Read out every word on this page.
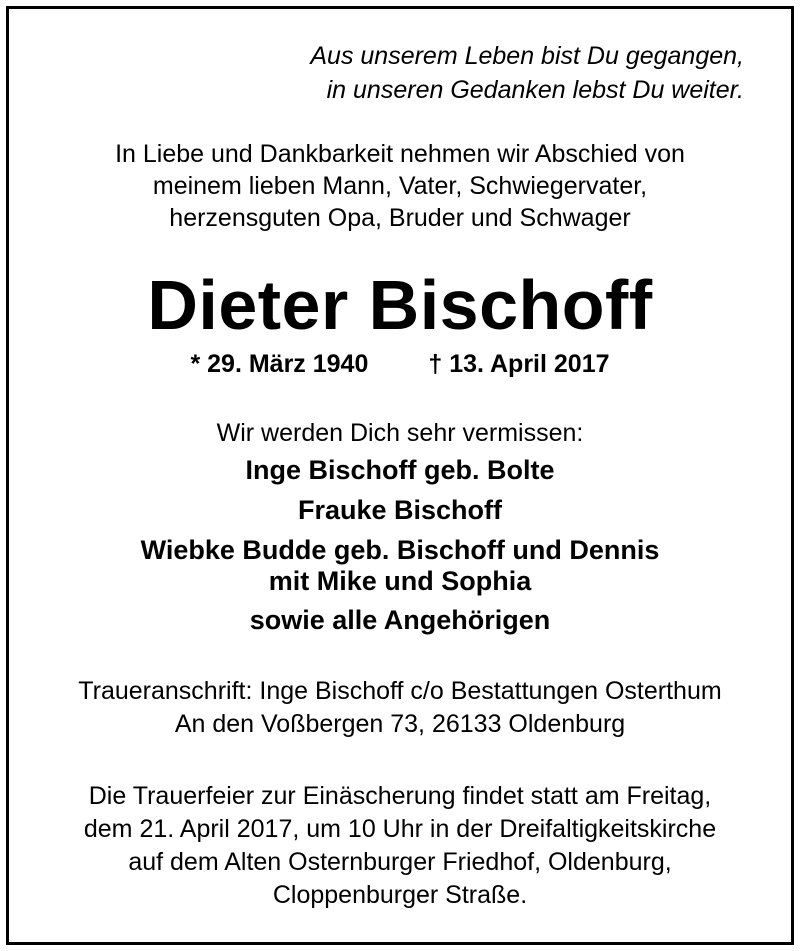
Aus unserem Leben bist Du gegangen,
in unseren Gedanken lebst Du weiter.
In Liebe und Dankbarkeit nehmen wir Abschied von
meinem lieben Mann, Vater, Schwiegervater,
herzensguten Opa, Bruder und Schwager
Dieter Bischoff
* 29. März 1940 † 13. April 2017
Wir werden Dich sehr vermissen:
Inge Bischoff geb. Bolte
Frauke Bischoff
Wiebke Budde geb. Bischoff und Dennis
mit Mike und Sophia
sowie alle Angehörigen
Traueranschrift: Inge Bischoff c/o Bestattungen Osterthum
An den Voßbergen 73, 26133 Oldenburg
Die Trauerfeier zur Einäscherung findet statt am Freitag,
dem 21. April 2017, um 10 Uhr in der Dreifaltigkeitskirche
auf dem Alten Osternburger Friedhof, Oldenburg,
Cloppenburger Straße.
